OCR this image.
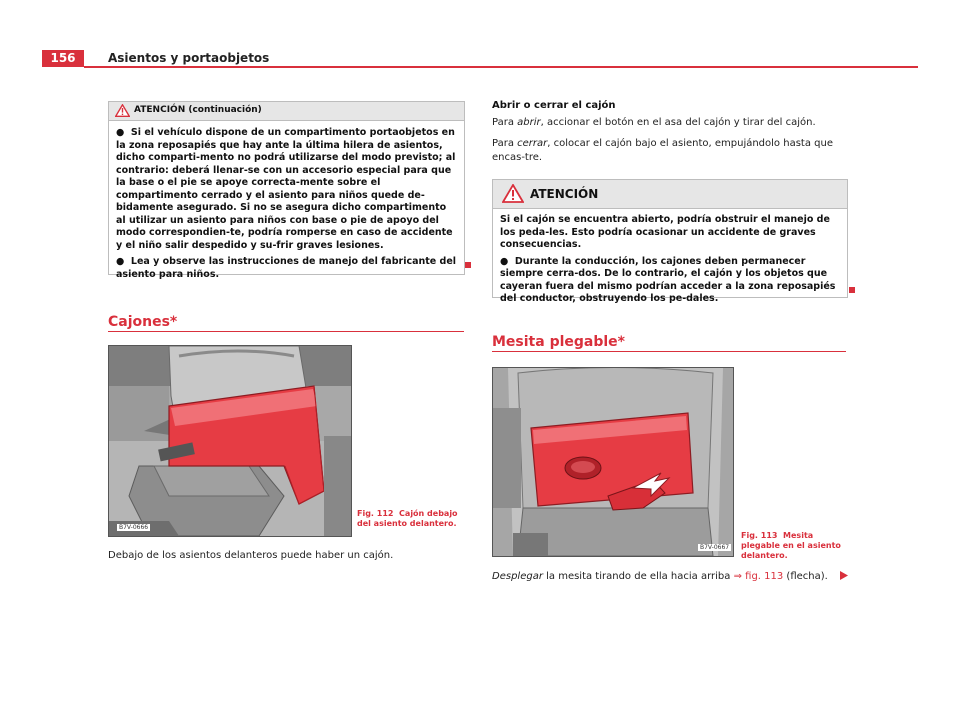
156	Asientos y portaobjetos
ATENCIÓN (continuación)

● Si el vehículo dispone de un compartimento portaobjetos en la zona reposapiés que hay ante la última hilera de asientos, dicho comparti-mento no podrá utilizarse del modo previsto; al contrario: deberá llenar-se con un accesorio especial para que la base o el pie se apoye correcta-mente sobre el compartimento cerrado y el asiento para niños quede de-bidamente asegurado. Si no se asegura dicho compartimento al utilizar un asiento para niños con base o pie de apoyo del modo correspondien-te, podría romperse en caso de accidente y el niño salir despedido y su-frir graves lesiones.

● Lea y observe las instrucciones de manejo del fabricante del asiento para niños.

Cajones*
B7V-0666
Fig. 112 Cajón debajo del asiento delantero.
Debajo de los asientos delanteros puede haber un cajón.
Abrir o cerrar el cajón

Para abrir, accionar el botón en el asa del cajón y tirar del cajón.

Para cerrar, colocar el cajón bajo el asiento, empujándolo hasta que encas-tre.

ATENCIÓN

Si el cajón se encuentra abierto, podría obstruir el manejo de los peda-les. Esto podría ocasionar un accidente de graves consecuencias.

● Durante la conducción, los cajones deben permanecer siempre cerra-dos. De lo contrario, el cajón y los objetos que cayeran fuera del mismo podrían acceder a la zona reposapiés del conductor, obstruyendo los pe-dales.

Mesita plegable*
B7V-0667
Fig. 113 Mesita plegable en el asiento delantero.
Desplegar la mesita tirando de ella hacia arriba ⇒ fig. 113 (flecha).
